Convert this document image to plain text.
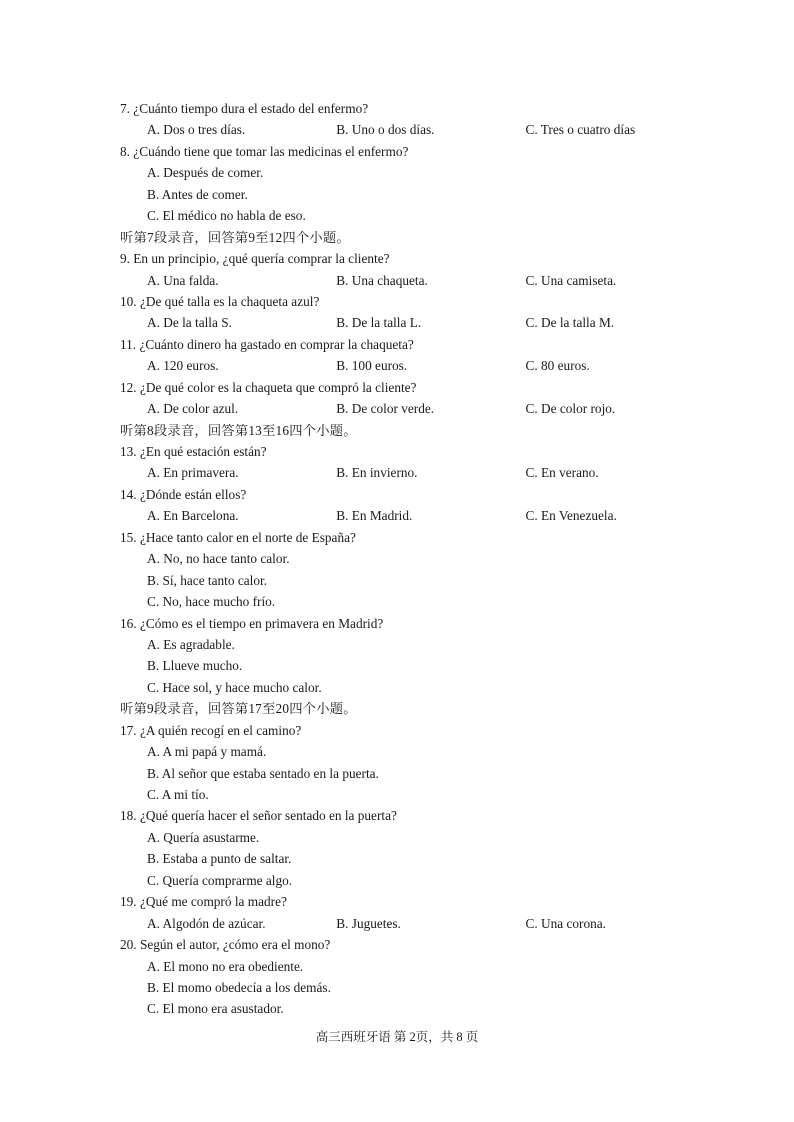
7. ¿Cuánto tiempo dura el estado del enfermo?
A. Dos o tres días.	B. Uno o dos días.	C. Tres o cuatro días
8. ¿Cuándo tiene que tomar las medicinas el enfermo?
A. Después de comer.
B. Antes de comer.
C. El médico no habla de eso.
听第7段录音，回答第9至12四个小题。
9. En un principio, ¿qué quería comprar la cliente?
A. Una falda.	B. Una chaqueta.	C. Una camiseta.
10. ¿De qué talla es la chaqueta azul?
A. De la talla S.	B. De la talla L.	C. De la talla M.
11. ¿Cuánto dinero ha gastado en comprar la chaqueta?
A. 120 euros.	B. 100 euros.	C. 80 euros.
12. ¿De qué color es la chaqueta que compró la cliente?
A. De color azul.	B. De color verde.	C. De color rojo.
听第8段录音，回答第13至16四个小题。
13. ¿En qué estación están?
A. En primavera.	B. En invierno.	C. En verano.
14. ¿Dónde están ellos?
A. En Barcelona.	B. En Madrid.	C. En Venezuela.
15. ¿Hace tanto calor en el norte de España?
A. No, no hace tanto calor.
B. Sí, hace tanto calor.
C. No, hace mucho frío.
16. ¿Cómo es el tiempo en primavera en Madrid?
A. Es agradable.
B. Llueve mucho.
C. Hace sol, y hace mucho calor.
听第9段录音，回答第17至20四个小题。
17. ¿A quién recogí en el camino?
A. A mi papá y mamá.
B. Al señor que estaba sentado en la puerta.
C. A mi tío.
18. ¿Qué quería hacer el señor sentado en la puerta?
A. Quería asustarme.
B. Estaba a punto de saltar.
C. Quería comprarme algo.
19. ¿Qué me compró la madre?
A. Algodón de azúcar.	B. Juguetes.	C. Una corona.
20. Según el autor, ¿cómo era el mono?
A. El mono no era obediente.
B. El momo obedecía a los demás.
C. El mono era asustador.
高三西班牙语 第 2页，共 8 页
